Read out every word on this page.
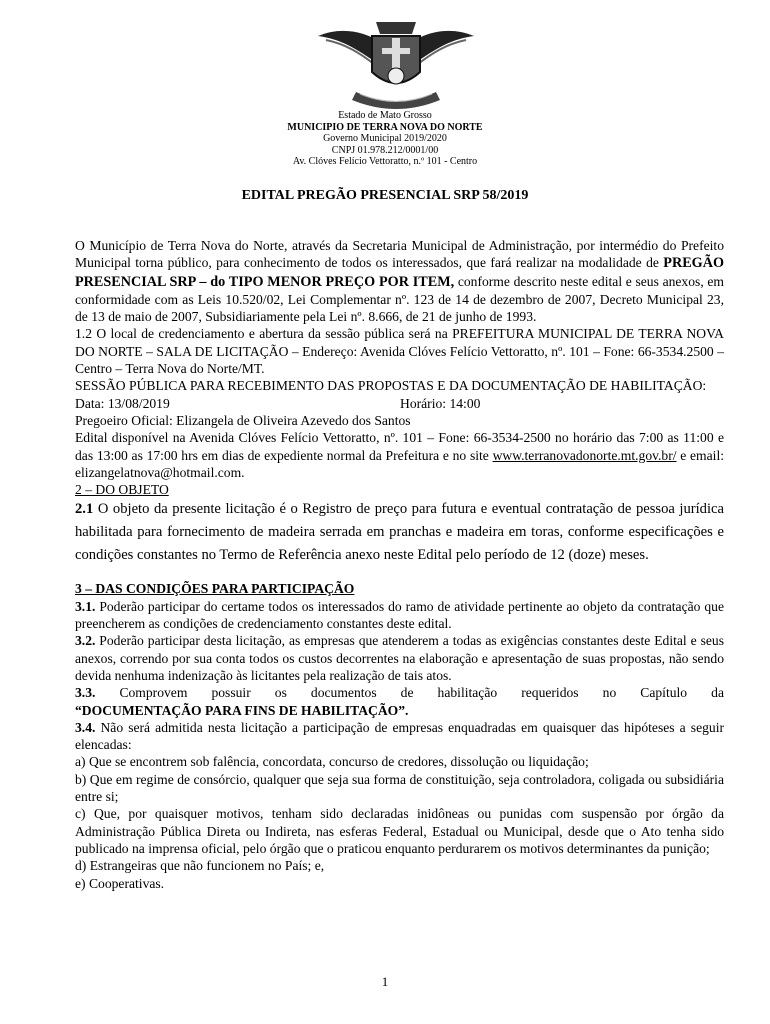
Estado de Mato Grosso
MUNICIPIO DE TERRA NOVA DO NORTE
Governo Municipal 2019/2020
CNPJ 01.978.212/0001/00
Av. Clóves Felício Vettoratto, n.º 101 - Centro
EDITAL PREGÃO PRESENCIAL SRP 58/2019

O Município de Terra Nova do Norte, através da Secretaria Municipal de Administração, por intermédio do Prefeito Municipal torna público, para conhecimento de todos os interessados, que fará realizar na modalidade de PREGÃO PRESENCIAL SRP – do TIPO MENOR PREÇO POR ITEM, conforme descrito neste edital e seus anexos, em conformidade com as Leis 10.520/02, Lei Complementar nº. 123 de 14 de dezembro de 2007, Decreto Municipal 23, de 13 de maio de 2007, Subsidiariamente pela Lei nº. 8.666, de 21 de junho de 1993.

1.2 O local de credenciamento e abertura da sessão pública será na PREFEITURA MUNICIPAL DE TERRA NOVA DO NORTE – SALA DE LICITAÇÃO – Endereço: Avenida Clóves Felício Vettoratto, nº. 101 – Fone: 66-3534.2500 – Centro – Terra Nova do Norte/MT.

SESSÃO PÚBLICA PARA RECEBIMENTO DAS PROPOSTAS E DA DOCUMENTAÇÃO DE HABILITAÇÃO:

Data: 13/08/2019	Horário: 14:00

Pregoeiro Oficial: Elizangela de Oliveira Azevedo dos Santos

Edital disponível na Avenida Clóves Felício Vettoratto, nº. 101 – Fone: 66-3534-2500 no horário das 7:00 as 11:00 e das 13:00 as 17:00 hrs em dias de expediente normal da Prefeitura e no site www.terranovadonorte.mt.gov.br/ e email: elizangelatnova@hotmail.com.

2 – DO OBJETO

2.1 O objeto da presente licitação é o Registro de preço para futura e eventual contratação de pessoa jurídica habilitada para fornecimento de madeira serrada em pranchas e madeira em toras, conforme especificações e condições constantes no Termo de Referência anexo neste Edital pelo período de 12 (doze) meses.

3 – DAS CONDIÇÕES PARA PARTICIPAÇÃO

3.1. Poderão participar do certame todos os interessados do ramo de atividade pertinente ao objeto da contratação que preencherem as condições de credenciamento constantes deste edital.

3.2. Poderão participar desta licitação, as empresas que atenderem a todas as exigências constantes deste Edital e seus anexos, correndo por sua conta todos os custos decorrentes na elaboração e apresentação de suas propostas, não sendo devida nenhuma indenização às licitantes pela realização de tais atos.

3.3. Comprovem possuir os documentos de habilitação requeridos no Capítulo da

“DOCUMENTAÇÃO PARA FINS DE HABILITAÇÃO”.

3.4. Não será admitida nesta licitação a participação de empresas enquadradas em quaisquer das hipóteses a seguir elencadas:

a) Que se encontrem sob falência, concordata, concurso de credores, dissolução ou liquidação;

b) Que em regime de consórcio, qualquer que seja sua forma de constituição, seja controladora, coligada ou subsidiária entre si;

c) Que, por quaisquer motivos, tenham sido declaradas inidôneas ou punidas com suspensão por órgão da Administração Pública Direta ou Indireta, nas esferas Federal, Estadual ou Municipal, desde que o Ato tenha sido publicado na imprensa oficial, pelo órgão que o praticou enquanto perdurarem os motivos determinantes da punição;

d) Estrangeiras que não funcionem no País; e,

e) Cooperativas.

1
